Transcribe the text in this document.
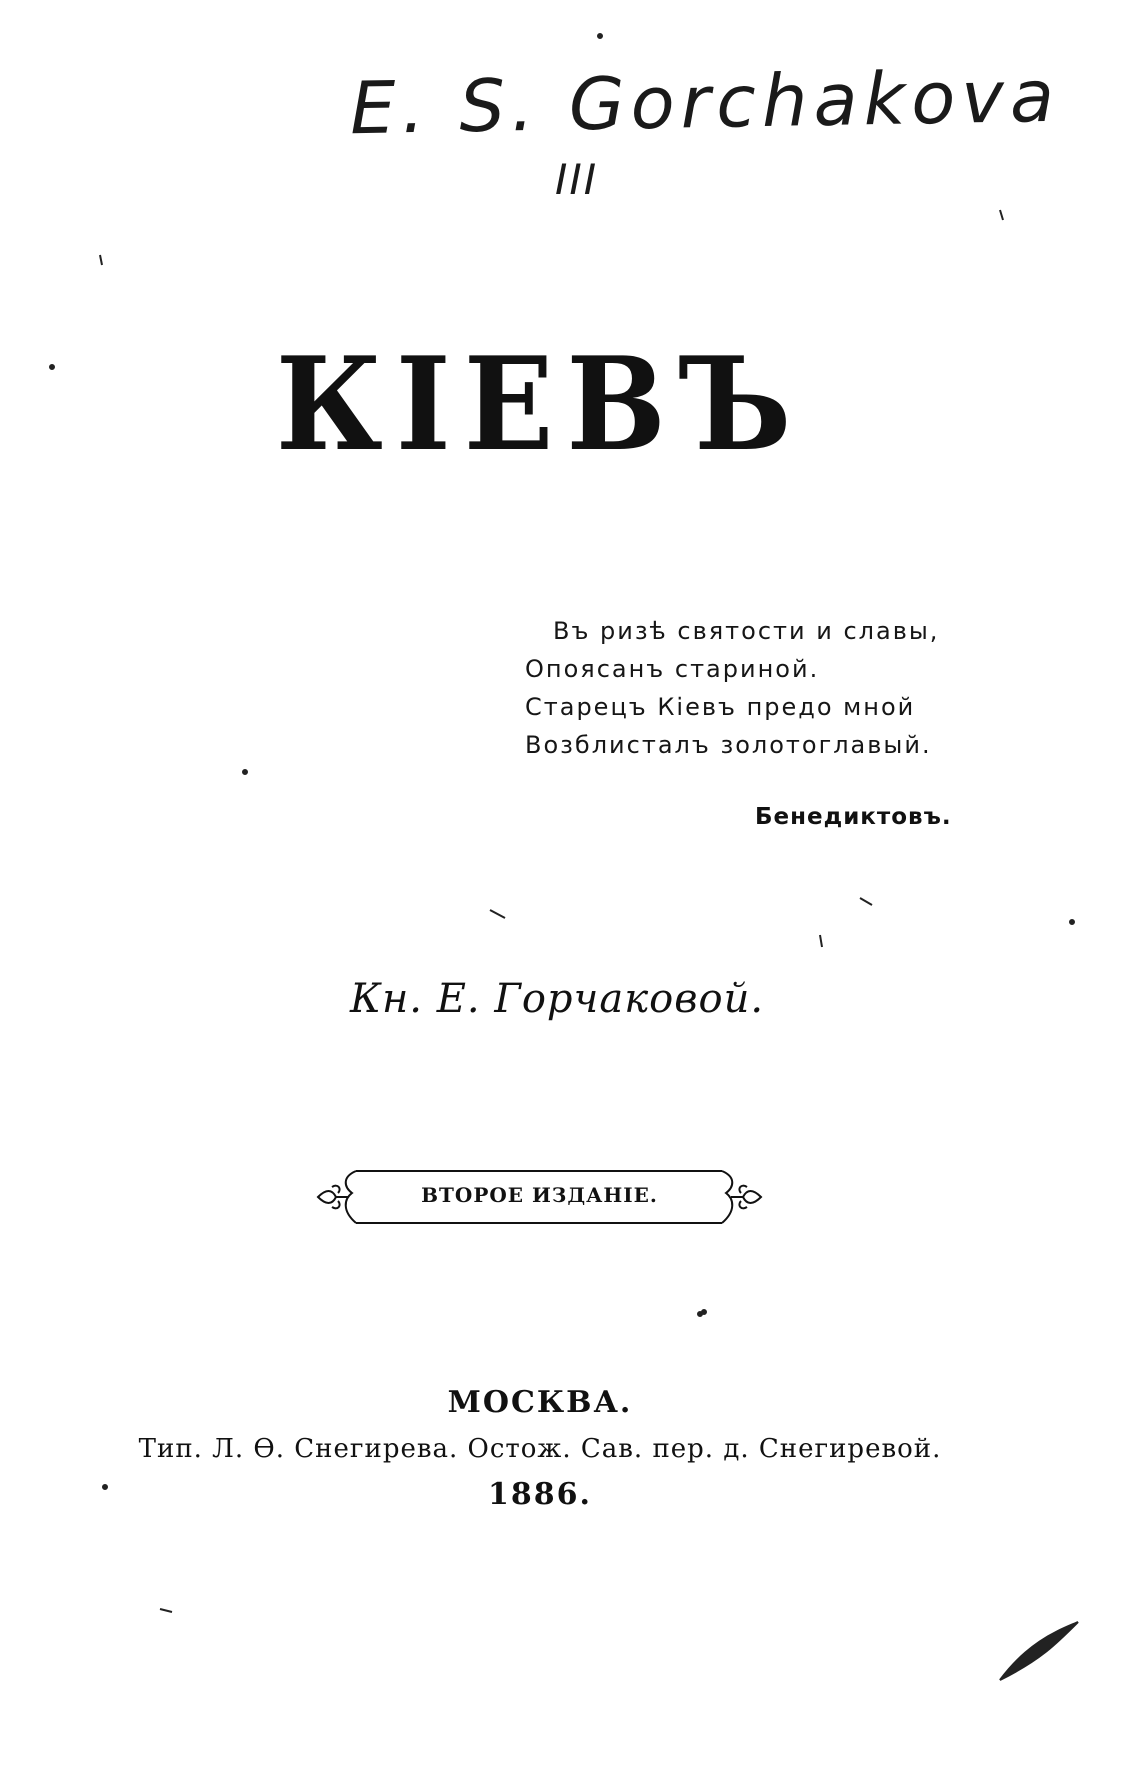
E. S. Gorchakova
III
КІЕВЪ
Въ ризѣ святости и славы,
Опоясанъ стариной.
Старецъ Кіевъ предо мной
Возблисталъ золотоглавый.
Бенедиктовъ.
Кн. Е. Горчаковой.
ВТОРОЕ ИЗДАНІЕ.
МОСКВА.
Тип. Л. Ѳ. Снегирева. Остож. Сав. пер. д. Снегиревой.
1886.
